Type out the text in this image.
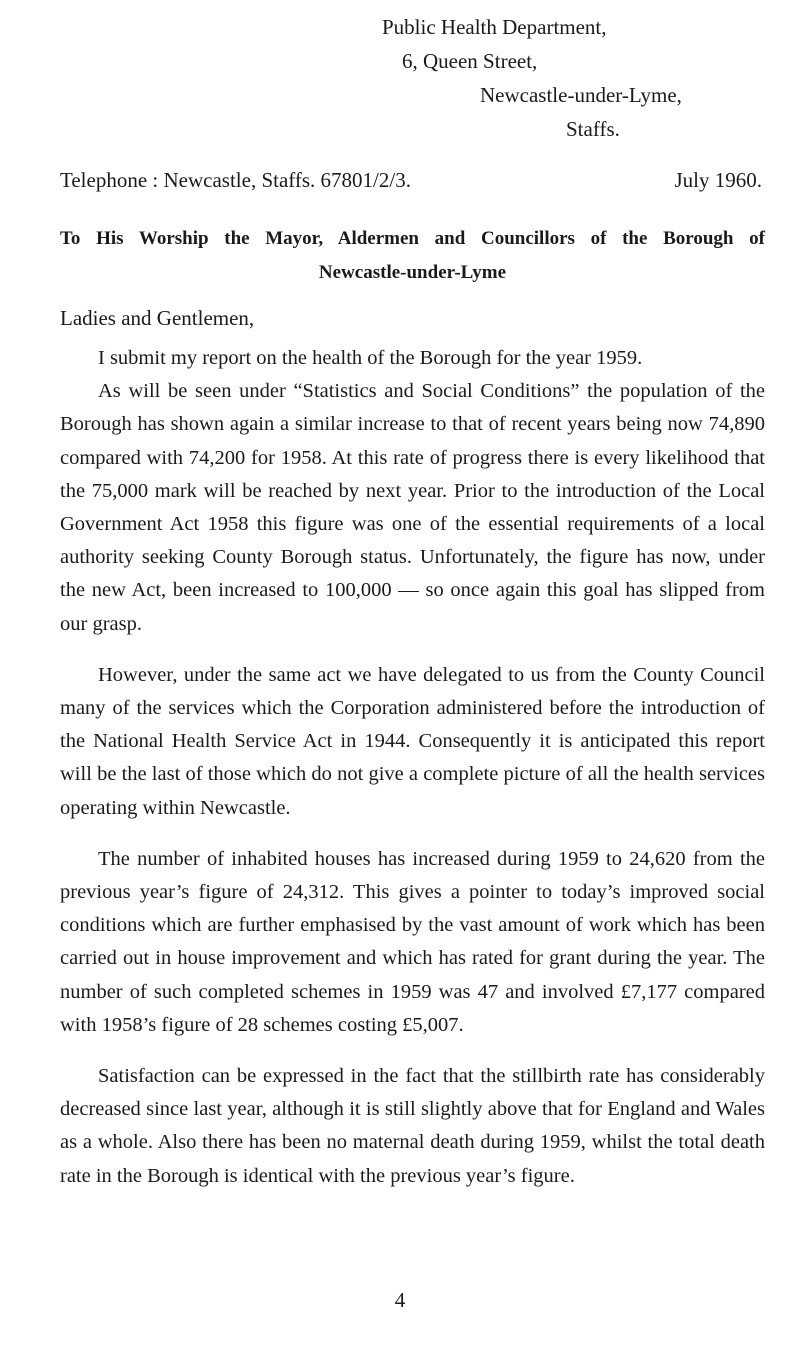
Public Health Department,
6, Queen Street,
Newcastle-under-Lyme,
Staffs.
Telephone : Newcastle, Staffs. 67801/2/3.	July 1960.
To His Worship the Mayor, Aldermen and Councillors of the Borough of
Newcastle-under-Lyme
Ladies and Gentlemen,

I submit my report on the health of the Borough for the year 1959.

As will be seen under “Statistics and Social Conditions” the population of the Borough has shown again a similar increase to that of recent years being now 74,890 compared with 74,200 for 1958. At this rate of progress there is every likelihood that the 75,000 mark will be reached by next year. Prior to the introduction of the Local Government Act 1958 this figure was one of the essential requirements of a local authority seeking County Borough status. Unfortunately, the figure has now, under the new Act, been increased to 100,000 — so once again this goal has slipped from our grasp.

However, under the same act we have delegated to us from the County Council many of the services which the Corporation administered before the introduction of the National Health Service Act in 1944. Consequently it is anticipated this report will be the last of those which do not give a complete picture of all the health services operating within Newcastle.

The number of inhabited houses has increased during 1959 to 24,620 from the previous year’s figure of 24,312. This gives a pointer to today’s improved social conditions which are further emphasised by the vast amount of work which has been carried out in house improvement and which has rated for grant during the year. The number of such completed schemes in 1959 was 47 and involved £7,177 compared with 1958’s figure of 28 schemes costing £5,007.

Satisfaction can be expressed in the fact that the stillbirth rate has considerably decreased since last year, although it is still slightly above that for England and Wales as a whole. Also there has been no maternal death during 1959, whilst the total death rate in the Borough is identical with the previous year’s figure.

4
